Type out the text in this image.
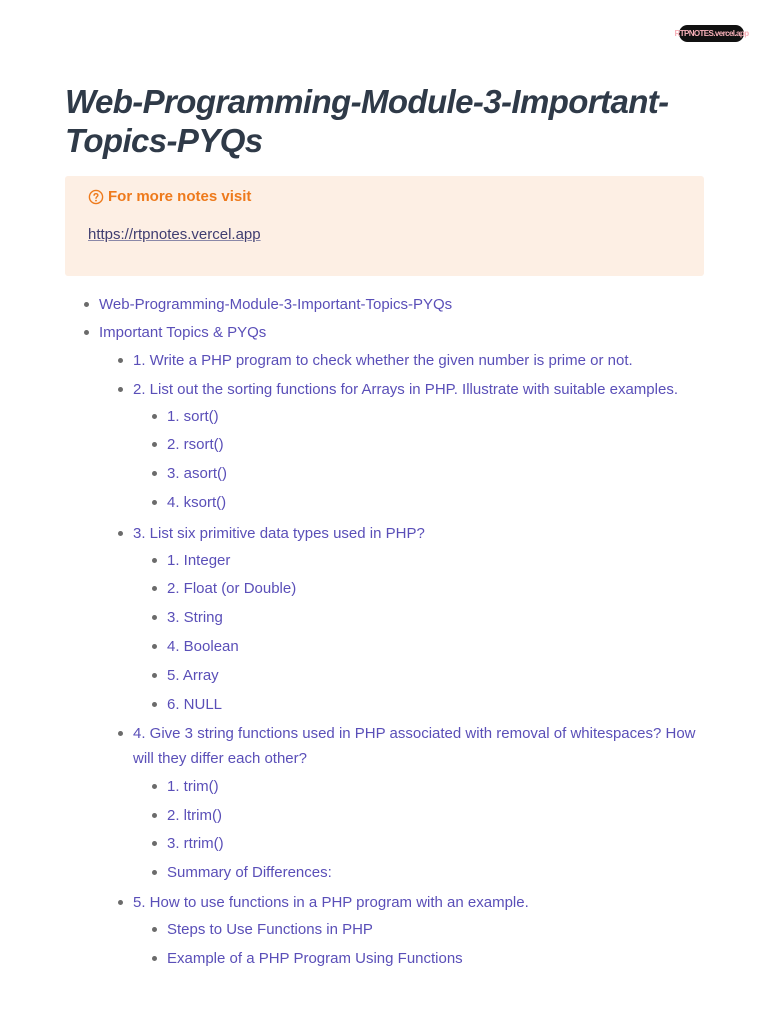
RTPNOTES.vercel.app
Web-Programming-Module-3-Important-Topics-PYQs
For more notes visit
https://rtpnotes.vercel.app
Web-Programming-Module-3-Important-Topics-PYQs
Important Topics & PYQs
1. Write a PHP program to check whether the given number is prime or not.
2. List out the sorting functions for Arrays in PHP. Illustrate with suitable examples.
1. sort()
2. rsort()
3. asort()
4. ksort()
3. List six primitive data types used in PHP?
1. Integer
2. Float (or Double)
3. String
4. Boolean
5. Array
6. NULL
4. Give 3 string functions used in PHP associated with removal of whitespaces? How will they differ each other?
1. trim()
2. ltrim()
3. rtrim()
Summary of Differences:
5. How to use functions in a PHP program with an example.
Steps to Use Functions in PHP
Example of a PHP Program Using Functions
